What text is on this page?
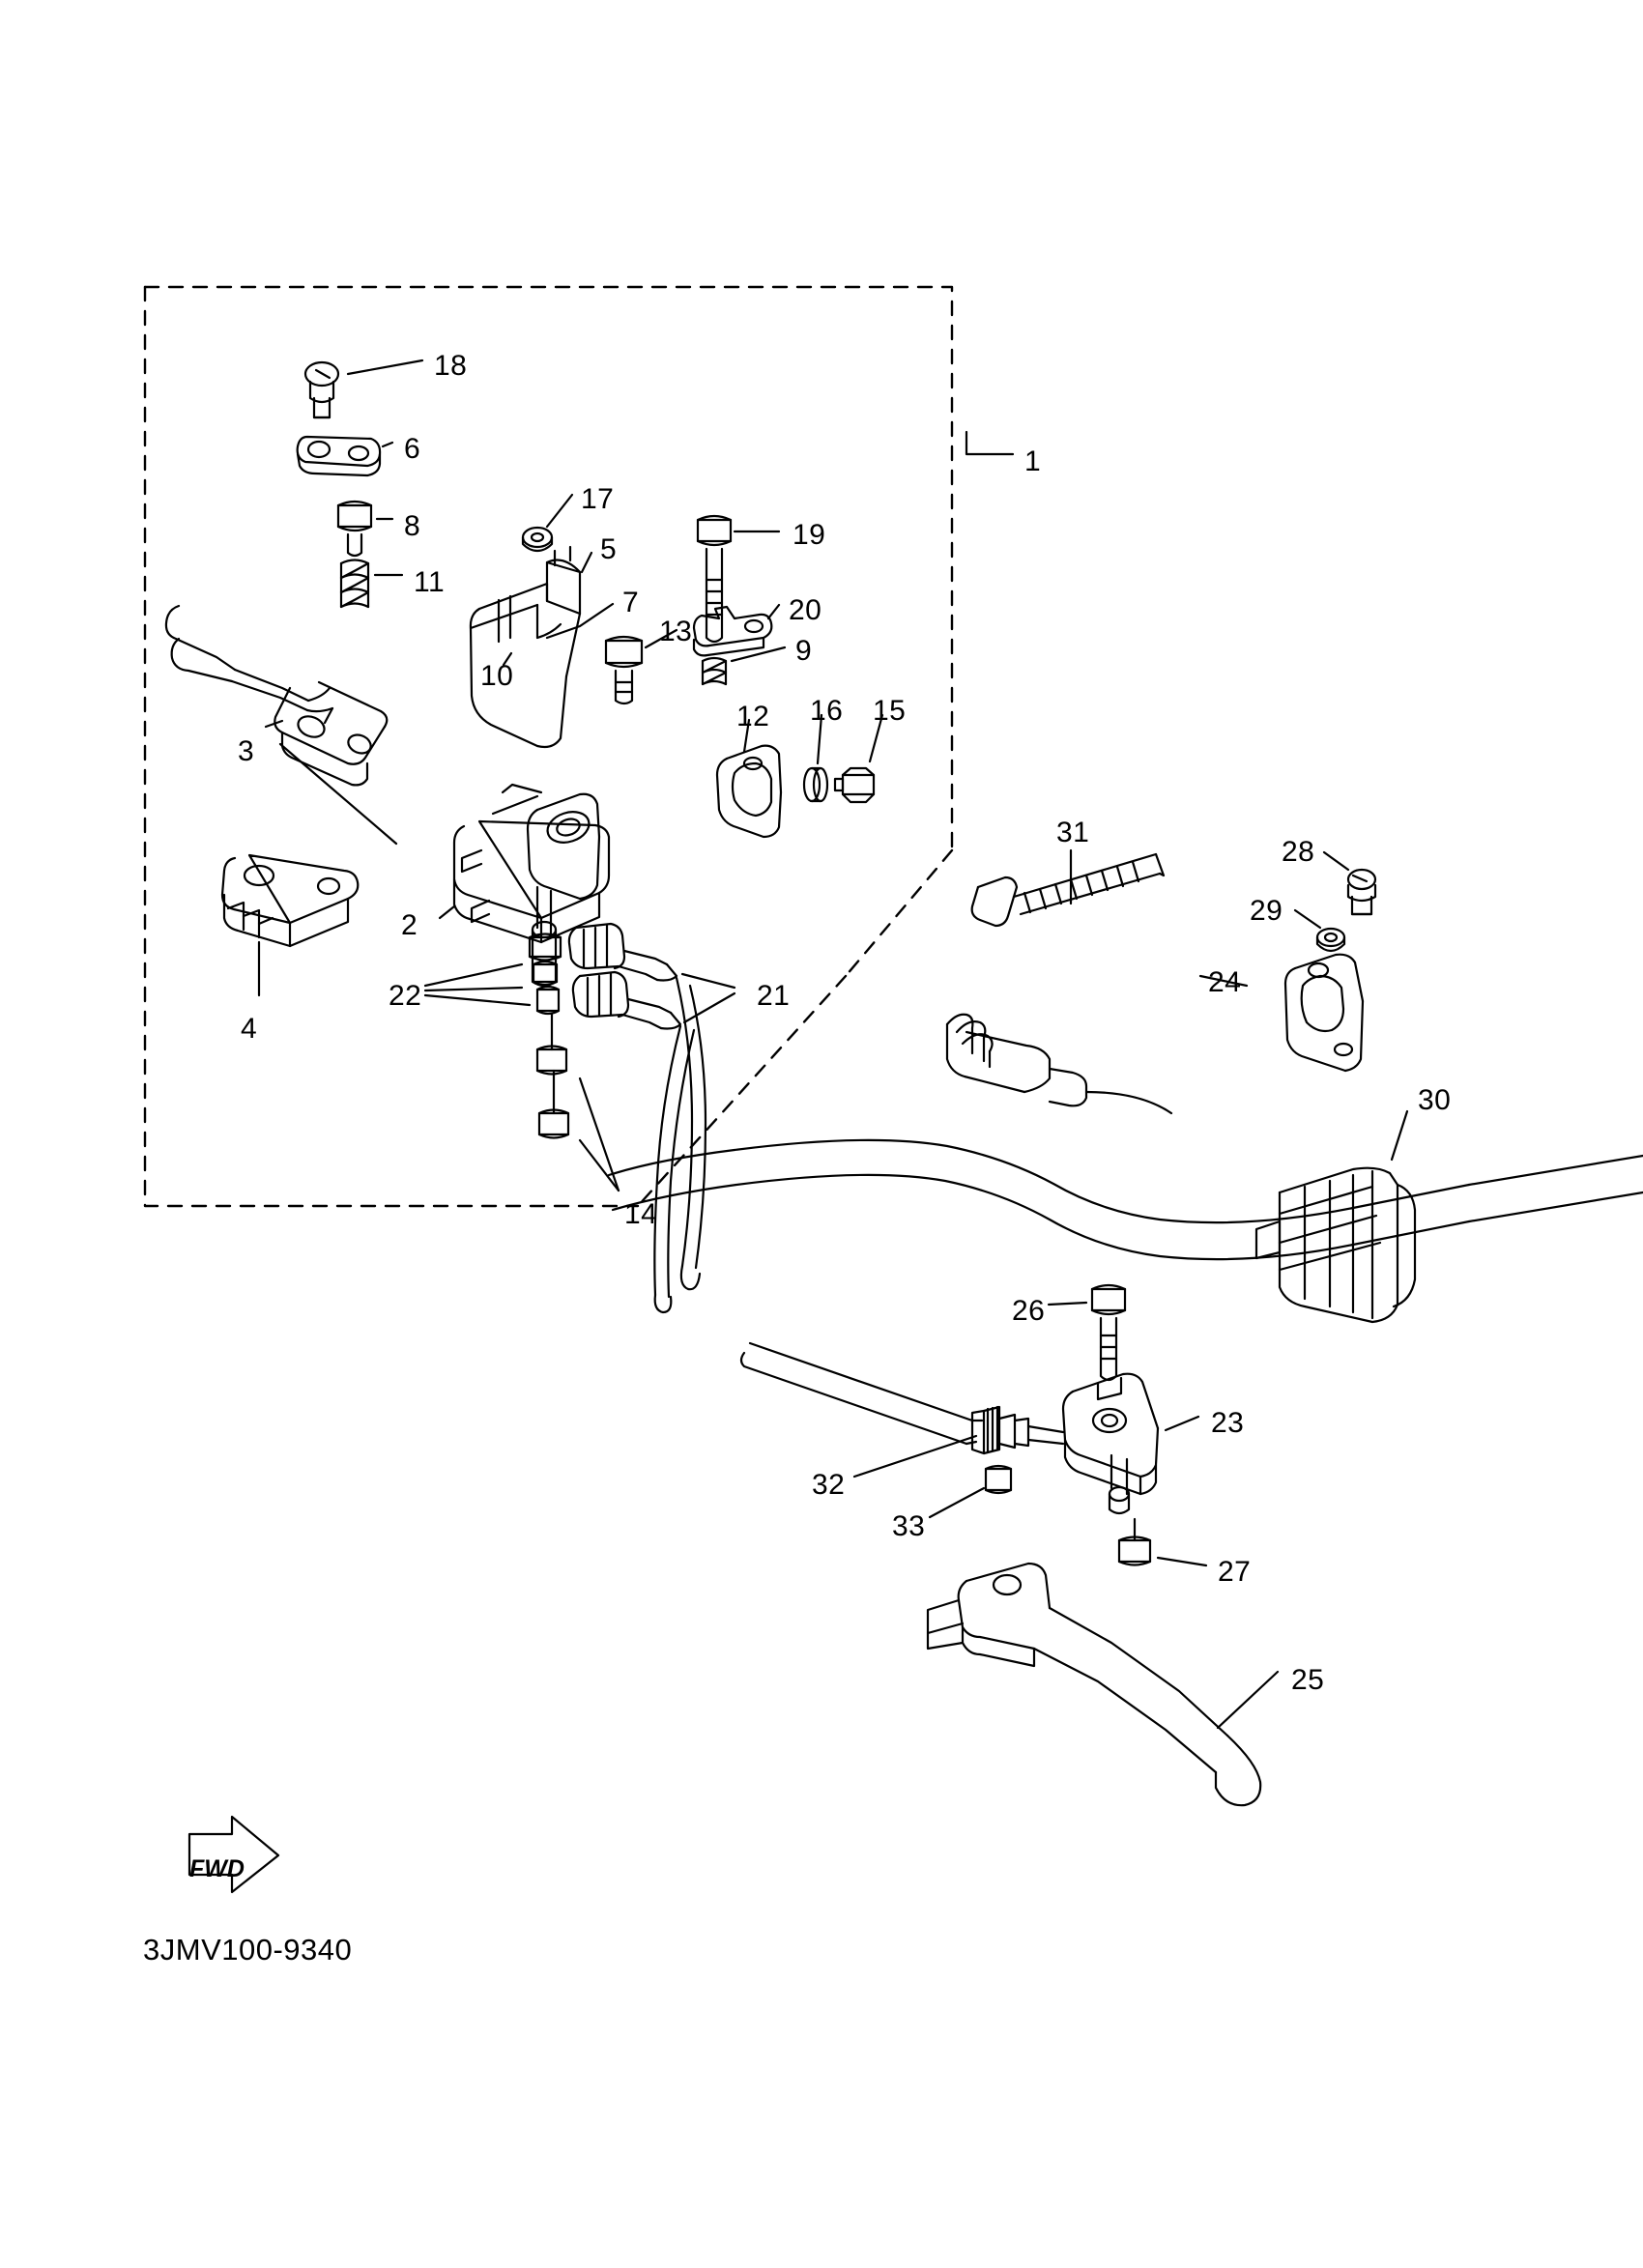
FWD
3JMV100-9340
1
2
3
4
5
6
7
8
9
10
11
12
13
14
15
16
17
18
19
20
21
22
23
24
25
26
27
28
29
30
31
32
33
